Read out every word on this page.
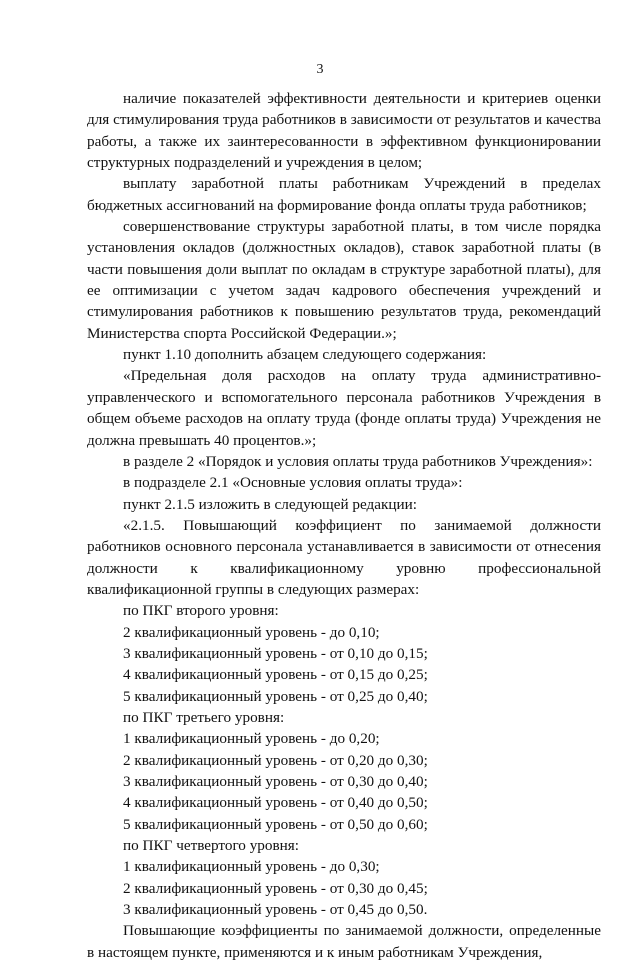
3

наличие показателей эффективности деятельности и критериев оценки для стимулирования труда работников в зависимости от результатов и качества работы, а также их заинтересованности в эффективном функционировании структурных подразделений и учреждения в целом;

выплату заработной платы работникам Учреждений в пределах бюджетных ассигнований на формирование фонда оплаты труда работников;

совершенствование структуры заработной платы, в том числе порядка установления окладов (должностных окладов), ставок заработной платы (в части повышения доли выплат по окладам в структуре заработной платы), для ее оптимизации с учетом задач кадрового обеспечения учреждений и стимулирования работников к повышению результатов труда, рекомендаций Министерства спорта Российской Федерации.»;

пункт 1.10 дополнить абзацем следующего содержания:

«Предельная доля расходов на оплату труда административно-управленческого и вспомогательного персонала работников Учреждения в общем объеме расходов на оплату труда (фонде оплаты труда) Учреждения не должна превышать 40 процентов.»;

в разделе 2 «Порядок и условия оплаты труда работников Учреждения»:

в подразделе 2.1 «Основные условия оплаты труда»:

пункт 2.1.5 изложить в следующей редакции:

«2.1.5. Повышающий коэффициент по занимаемой должности работников основного персонала устанавливается в зависимости от отнесения должности к квалификационному уровню профессиональной квалификационной группы в следующих размерах:

по ПКГ второго уровня:

2 квалификационный уровень - до 0,10;

3 квалификационный уровень - от 0,10 до 0,15;

4 квалификационный уровень - от 0,15 до 0,25;

5 квалификационный уровень - от 0,25 до 0,40;

по ПКГ третьего уровня:

1 квалификационный уровень - до 0,20;

2 квалификационный уровень - от 0,20 до 0,30;

3 квалификационный уровень - от 0,30 до 0,40;

4 квалификационный уровень - от 0,40 до 0,50;

5 квалификационный уровень - от 0,50 до 0,60;

по ПКГ четвертого уровня:

1 квалификационный уровень - до 0,30;

2 квалификационный уровень - от 0,30 до 0,45;

3 квалификационный уровень - от 0,45 до 0,50.

Повышающие коэффициенты по занимаемой должности, определенные в настоящем пункте, применяются и к иным работникам Учреждения,
